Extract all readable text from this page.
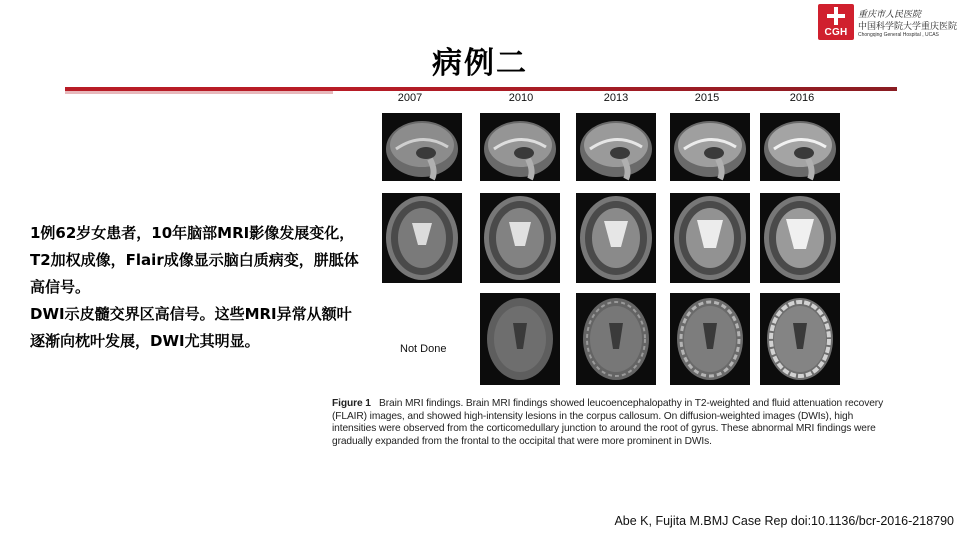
CGH
重庆市人民医院
中国科学院大学重庆医院
Chongqing General Hospital , UCAS
病例二

1例62岁女患者，10年脑部MRI影像发展变化，T2加权成像，Flair成像显示脑白质病变，胼胝体高信号。

DWI示皮髓交界区高信号。这些MRI异常从额叶逐渐向枕叶发展，DWI尤其明显。

2007	2010	2013	2015	2016
Not Done
Figure 1 Brain MRI findings. Brain MRI findings showed leucoencephalopathy in T2-weighted and fluid attenuation recovery (FLAIR) images, and showed high-intensity lesions in the corpus callosum. On diffusion-weighted images (DWIs), high intensities were observed from the corticomedullary junction to around the root of gyrus. These abnormal MRI findings were gradually expanded from the frontal to the occipital that were more prominent in DWIs.
Abe K, Fujita M.BMJ Case Rep doi:10.1136/bcr-2016-218790
